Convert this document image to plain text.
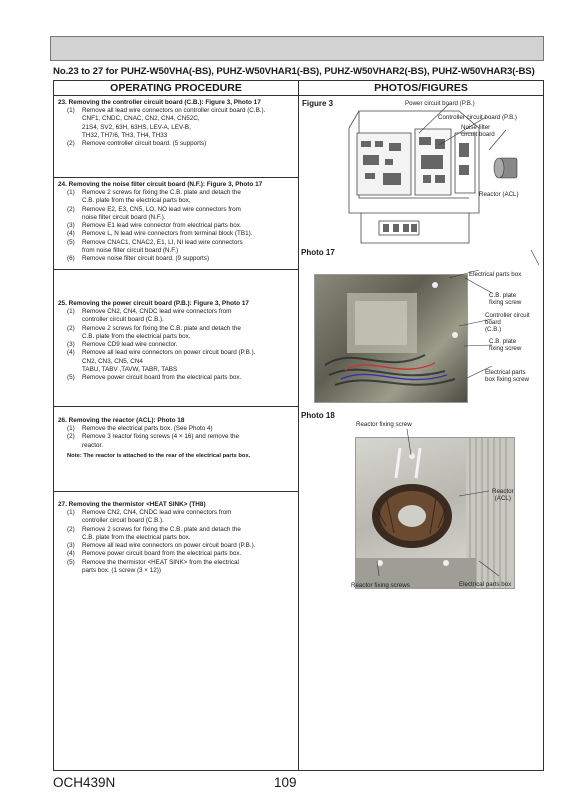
No.23 to 27 for PUHZ-W50VHA(-BS), PUHZ-W50VHAR1(-BS), PUHZ-W50VHAR2(-BS), PUHZ-W50VHAR3(-BS)
OPERATING PROCEDURE	PHOTOS/FIGURES
23. Removing the controller circuit board (C.B.): Figure 3, Photo 17
(1) Remove all lead wire connectors on controller circuit board (C.B.).
CNF1, CNDC, CNAC, CN2, CN4, CN52C,
21S4, SV2, 63H, 63HS, LEV-A, LEV-B,
TH32, TH7/6, TH3, TH4, TH33
(2) Remove controller circuit board. (5 supports)
24. Removing the noise filter circuit board (N.F.): Figure 3, Photo 17
(1) Remove 2 screws for fixing the C.B. plate and detach the
C.B. plate from the electrical parts box.
(2) Remove E2, E3, CN5, LO, NO lead wire connectors from
noise filter circuit board (N.F.).
(3) Remove E1 lead wire connector from electrical parts box.
(4) Remove L, N lead wire connectors from terminal block (TB1).
(5) Remove CNAC1, CNAC2, E1, LI, NI lead wire connectors
from noise filter circuit board (N.F.)
(6) Remove noise filter circuit board. (9 supports)
25. Removing the power circuit board (P.B.): Figure 3, Photo 17
(1) Remove CN2, CN4, CNDC lead wire connectors from
controller circuit board (C.B.).
(2) Remove 2 screws for fixing the C.B. plate and detach the
C.B. plate from the electrical parts box.
(3) Remove CD9 lead wire connector.
(4) Remove all lead wire connectors on power circuit board (P.B.).
CN2, CN3, CN5, CN4
TABU, TABV ,TAVW, TABR, TABS
(5) Remove power circuit board from the electrical parts box.
26. Removing the reactor (ACL): Photo 18
(1) Remove the electrical parts box. (See Photo 4)
(2) Remove 3 reactor fixing screws (4 × 16) and remove the
reactor.
Note: The reactor is attached to the rear of the electrical parts box.
27. Removing the thermistor <HEAT SINK> (TH8)
(1) Remove CN2, CN4, CNDC lead wire connectors from
controller circuit board (C.B.).
(2) Remove 2 screws for fixing the C.B. plate and detach the
C.B. plate from the electrical parts box.
(3) Remove all lead wire connectors on power circuit board (P.B.).
(4) Remove power circuit board from the electrical parts box.
(5) Remove the thermistor <HEAT SINK> from the electrical
parts box. (1 screw (3 × 12))
Figure 3	Power circuit board (P.B.)
Controller circuit board (P.B.)
Noise filter
circuit board
Reactor (ACL)
Photo 17
Electrical parts box
C.B. plate
fixing screw
Controller circuit
board
(C.B.)
C.B. plate
fixing screw
Electrical parts
box fixing screw
Photo 18
Reactor fixing screw
Reactor
(ACL)
Reactor fixing screws	Electrical parts box
OCH439N	109
